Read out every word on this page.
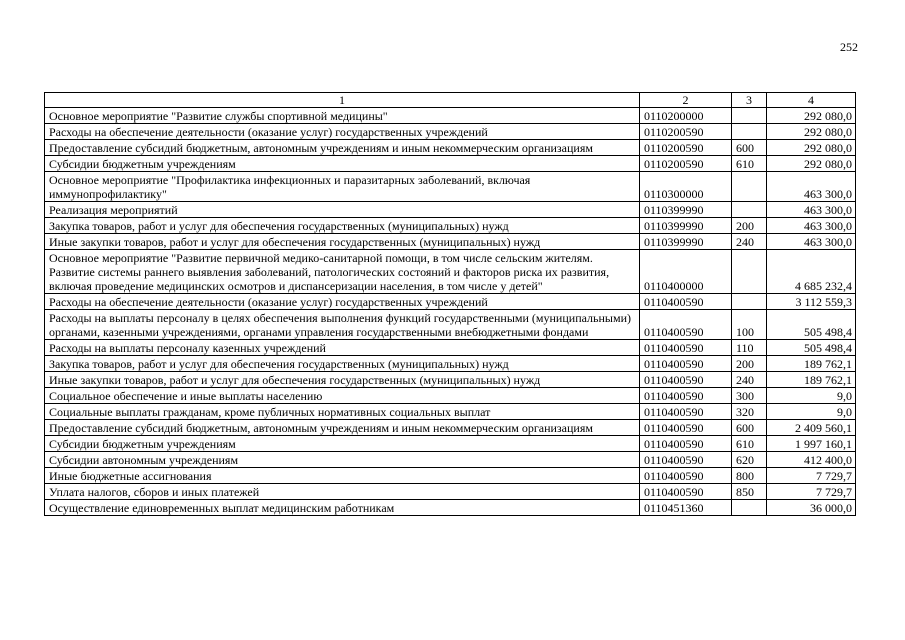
252
1	2	3	4
Основное мероприятие "Развитие службы спортивной медицины"	0110200000		292 080,0
Расходы на обеспечение деятельности (оказание услуг) государственных учреждений	0110200590		292 080,0
Предоставление субсидий бюджетным, автономным учреждениям и иным некоммерческим организациям	0110200590	600	292 080,0
Субсидии бюджетным учреждениям	0110200590	610	292 080,0
Основное мероприятие "Профилактика инфекционных и паразитарных заболеваний, включая иммунопрофилактику"	0110300000		463 300,0
Реализация мероприятий	0110399990		463 300,0
Закупка товаров, работ и услуг для обеспечения государственных (муниципальных) нужд	0110399990	200	463 300,0
Иные закупки товаров, работ и услуг для обеспечения государственных (муниципальных) нужд	0110399990	240	463 300,0
Основное мероприятие "Развитие первичной медико-санитарной помощи, в том числе сельским жителям. Развитие системы раннего выявления заболеваний, патологических состояний и факторов риска их развития, включая проведение медицинских осмотров и диспансеризации населения, в том числе у детей"	0110400000		4 685 232,4
Расходы на обеспечение деятельности (оказание услуг) государственных учреждений	0110400590		3 112 559,3
Расходы на выплаты персоналу в целях обеспечения выполнения функций государственными (муниципальными) органами, казенными учреждениями, органами управления государственными внебюджетными фондами	0110400590	100	505 498,4
Расходы на выплаты персоналу казенных учреждений	0110400590	110	505 498,4
Закупка товаров, работ и услуг для обеспечения государственных (муниципальных) нужд	0110400590	200	189 762,1
Иные закупки товаров, работ и услуг для обеспечения государственных (муниципальных) нужд	0110400590	240	189 762,1
Социальное обеспечение и иные выплаты населению	0110400590	300	9,0
Социальные выплаты гражданам, кроме публичных нормативных социальных выплат	0110400590	320	9,0
Предоставление субсидий бюджетным, автономным учреждениям и иным некоммерческим организациям	0110400590	600	2 409 560,1
Субсидии бюджетным учреждениям	0110400590	610	1 997 160,1
Субсидии автономным учреждениям	0110400590	620	412 400,0
Иные бюджетные ассигнования	0110400590	800	7 729,7
Уплата налогов, сборов и иных платежей	0110400590	850	7 729,7
Осуществление единовременных выплат медицинским работникам	0110451360		36 000,0
